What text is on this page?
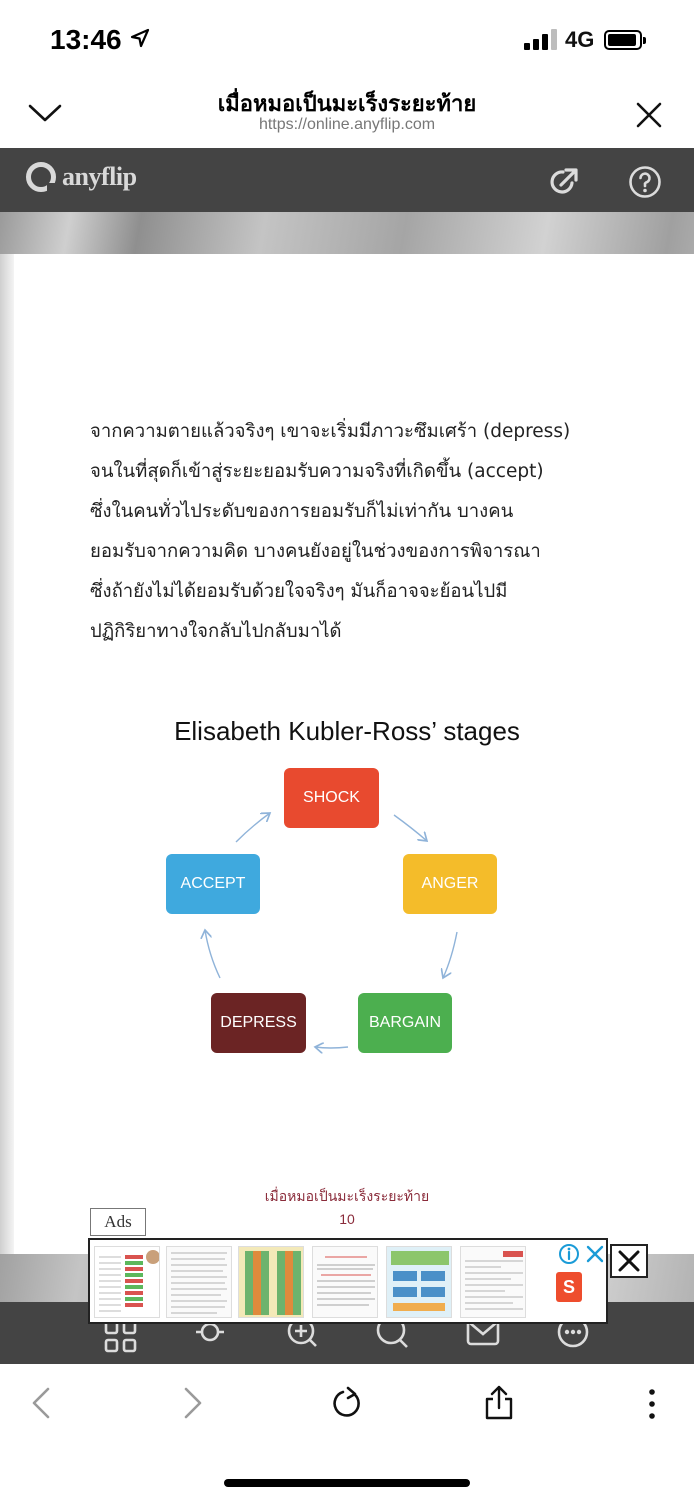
13:46	4G
เมื่อหมอเป็นมะเร็งระยะท้าย
https://online.anyflip.com
anyflip
จากความตายแล้วจริงๆ เขาจะเริ่มมีภาวะซึมเศร้า (depress)
จนในที่สุดก็เข้าสู่ระยะยอมรับความจริงที่เกิดขึ้น (accept)
ซึ่งในคนทั่วไประดับของการยอมรับก็ไม่เท่ากัน บางคน
ยอมรับจากความคิด บางคนยังอยู่ในช่วงของการพิจารณา
ซึ่งถ้ายังไม่ได้ยอมรับด้วยใจจริงๆ มันก็อาจจะย้อนไปมี
ปฏิกิริยาทางใจกลับไปกลับมาได้
Elisabeth Kubler-Ross’ stages
SHOCK
ANGER
BARGAIN
DEPRESS
ACCEPT
เมื่อหมอเป็นมะเร็งระยะท้าย
10
Ads
S
